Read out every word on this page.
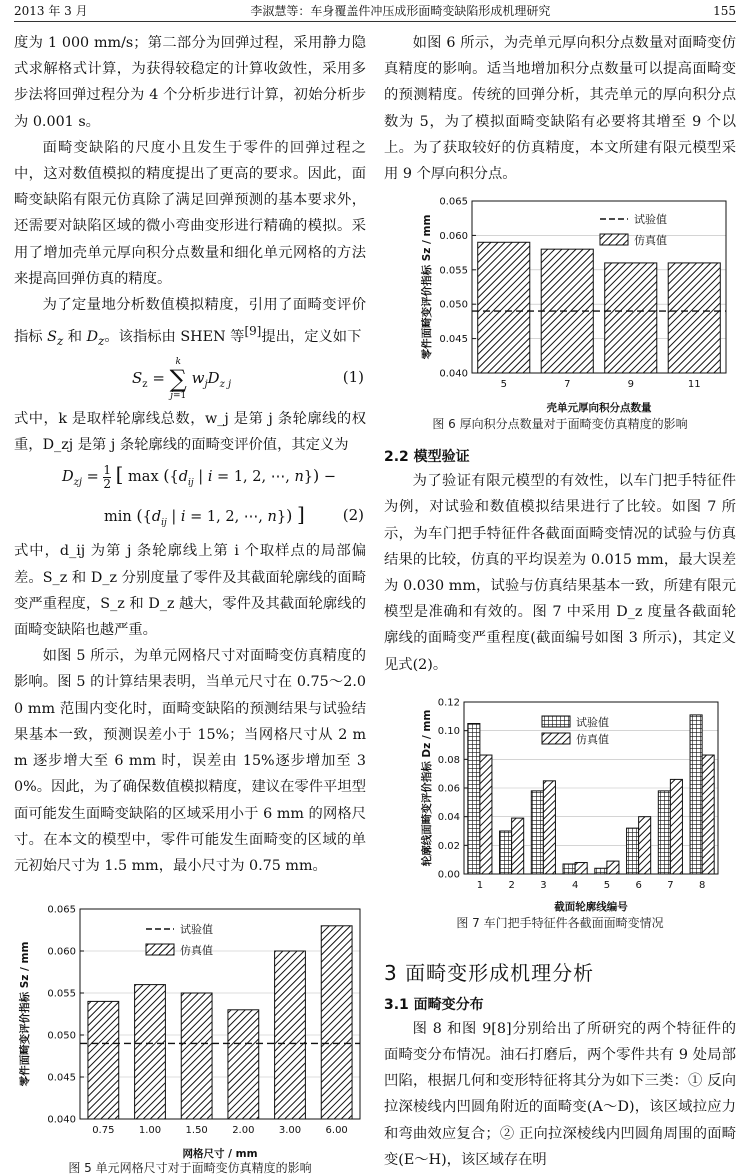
2013 年 3 月	李淑慧等：车身覆盖件冲压成形面畸变缺陷形成机理研究	155

度为 1 000 mm/s；第二部分为回弹过程，采用静力隐式求解格式计算，为获得较稳定的计算收敛性，采用多步法将回弹过程分为 4 个分析步进行计算，初始分析步为 0.001 s。

面畸变缺陷的尺度小且发生于零件的回弹过程之中，这对数值模拟的精度提出了更高的要求。因此，面畸变缺陷有限元仿真除了满足回弹预测的基本要求外，还需要对缺陷区域的微小弯曲变形进行精确的模拟。采用了增加壳单元厚向积分点数量和细化单元网格的方法来提高回弹仿真的精度。

为了定量地分析数值模拟精度，引用了面畸变评价指标 $S_z$ 和 $D_z$。该指标由 SHEN 等[9]提出，定义如下

$S_z$ =
k
∑
j=1
$w_jD_{z j}$	(1)

式中，k 是取样轮廓线总数，w_j 是第 j 条轮廓线的权重，D_zj 是第 j 条轮廓线的面畸变评价值，其定义为

$D_{zj} = \frac{1}{2}$ [ $\max (\{d_{ij}$ | i = 1, 2, ⋯, n}) −
$\min (\{d_{ij}$ | i = 1, 2, ⋯, n}) ]	(2)

式中，d_ij 为第 j 条轮廓线上第 i 个取样点的局部偏差。S_z 和 D_z 分别度量了零件及其截面轮廓线的面畸变严重程度，S_z 和 D_z 越大，零件及其截面轮廓线的面畸变缺陷也越严重。

如图 5 所示，为单元网格尺寸对面畸变仿真精度的影响。图 5 的计算结果表明，当单元尺寸在 0.75～2.00 mm 范围内变化时，面畸变缺陷的预测结果与试验结果基本一致，预测误差小于 15%；当网格尺寸从 2 mm 逐步增大至 6 mm 时，误差由 15%逐步增加至 30%。因此，为了确保数值模拟精度，建议在零件平坦型面可能发生面畸变缺陷的区域采用小于 6 mm 的网格尺寸。在本文的模型中，零件可能发生面畸变的区域的单元初始尺寸为 1.5 mm，最小尺寸为 0.75 mm。

0.040
0.045
0.050
0.055
0.060
0.065
0.75 1.00 1.50 2.00 3.00 6.00
网格尺寸 / mm
零件面畸变评价指标 Sz / mm
试验值
仿真值
图 5 单元网格尺寸对于面畸变仿真精度的影响

如图 6 所示，为壳单元厚向积分点数量对面畸变仿真精度的影响。适当地增加积分点数量可以提高面畸变的预测精度。传统的回弹分析，其壳单元的厚向积分点数为 5，为了模拟面畸变缺陷有必要将其增至 9 个以上。为了获取较好的仿真精度，本文所建有限元模型采用 9 个厚向积分点。

0.040
0.045
0.050
0.055
0.060
0.065
5	7	9	11
壳单元厚向积分点数量
零件面畸变评价指标 Sz / mm	试验值
仿真值
图 6 厚向积分点数量对于面畸变仿真精度的影响
2.2 模型验证

为了验证有限元模型的有效性，以车门把手特征件为例，对试验和数值模拟结果进行了比较。如图 7 所示，为车门把手特征件各截面面畸变情况的试验与仿真结果的比较，仿真的平均误差为 0.015 mm，最大误差为 0.030 mm，试验与仿真结果基本一致，所建有限元模型是准确和有效的。图 7 中采用 D_z 度量各截面轮廓线的面畸变严重程度(截面编号如图 3 所示)，其定义见式(2)。

0.00
0.02
0.04
0.06
0.08
0.10
0.12
1	2	3	4	5	6	7	8
截面轮廓线编号
轮廓线面畸变评价指标 Dz / mm	试验值
仿真值
图 7 车门把手特征件各截面面畸变情况
3 面畸变形成机理分析
3.1 面畸变分布

图 8 和图 9[8]分别给出了所研究的两个特征件的面畸变分布情况。油石打磨后，两个零件共有 9 处局部凹陷，根据几何和变形特征将其分为如下三类：① 反向拉深棱线内凹圆角附近的面畸变(A～D)，该区域拉应力和弯曲效应复合；② 正向拉深棱线内凹圆角周围的面畸变(E～H)，该区域存在明
